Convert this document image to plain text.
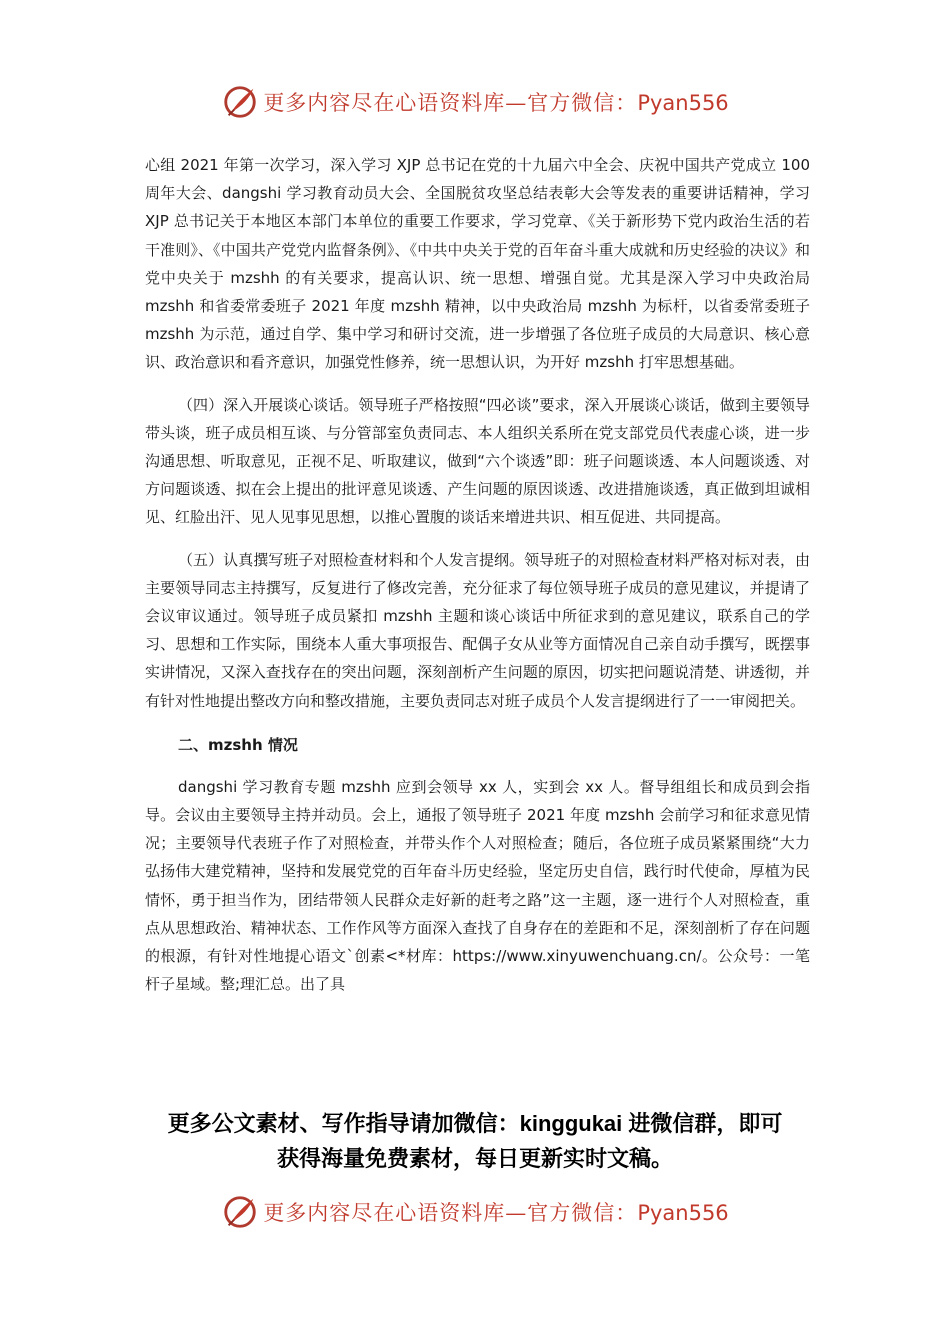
更多内容尽在心语资料库—官方微信：Pyan556

心组 2021 年第一次学习，深入学习 XJP 总书记在党的十九届六中全会、庆祝中国共产党成立 100 周年大会、dangshi 学习教育动员大会、全国脱贫攻坚总结表彰大会等发表的重要讲话精神，学习 XJP 总书记关于本地区本部门本单位的重要工作要求，学习党章、《关于新形势下党内政治生活的若干准则》、《中国共产党党内监督条例》、《中共中央关于党的百年奋斗重大成就和历史经验的决议》和党中央关于 mzshh 的有关要求，提高认识、统一思想、增强自觉。尤其是深入学习中央政治局 mzshh 和省委常委班子 2021 年度 mzshh 精神，以中央政治局 mzshh 为标杆，以省委常委班子 mzshh 为示范，通过自学、集中学习和研讨交流，进一步增强了各位班子成员的大局意识、核心意识、政治意识和看齐意识，加强党性修养，统一思想认识，为开好 mzshh 打牢思想基础。

（四）深入开展谈心谈话。领导班子严格按照“四必谈”要求，深入开展谈心谈话，做到主要领导带头谈，班子成员相互谈、与分管部室负责同志、本人组织关系所在党支部党员代表虚心谈，进一步沟通思想、听取意见，正视不足、听取建议，做到“六个谈透”即：班子问题谈透、本人问题谈透、对方问题谈透、拟在会上提出的批评意见谈透、产生问题的原因谈透、改进措施谈透，真正做到坦诚相见、红脸出汗、见人见事见思想，以推心置腹的谈话来增进共识、相互促进、共同提高。

（五）认真撰写班子对照检查材料和个人发言提纲。领导班子的对照检查材料严格对标对表，由主要领导同志主持撰写，反复进行了修改完善，充分征求了每位领导班子成员的意见建议，并提请了会议审议通过。领导班子成员紧扣 mzshh 主题和谈心谈话中所征求到的意见建议，联系自己的学习、思想和工作实际，围绕本人重大事项报告、配偶子女从业等方面情况自己亲自动手撰写，既摆事实讲情况，又深入查找存在的突出问题，深刻剖析产生问题的原因，切实把问题说清楚、讲透彻，并有针对性地提出整改方向和整改措施，主要负责同志对班子成员个人发言提纲进行了一一审阅把关。

二、mzshh 情况

dangshi 学习教育专题 mzshh 应到会领导 xx 人，实到会 xx 人。督导组组长和成员到会指导。会议由主要领导主持并动员。会上，通报了领导班子 2021 年度 mzshh 会前学习和征求意见情况；主要领导代表班子作了对照检查，并带头作个人对照检查；随后，各位班子成员紧紧围绕“大力弘扬伟大建党精神，坚持和发展党党的百年奋斗历史经验，坚定历史自信，践行时代使命，厚植为民情怀，勇于担当作为，团结带领人民群众走好新的赶考之路”这一主题，逐一进行个人对照检查，重点从思想政治、精神状态、工作作风等方面深入查找了自身存在的差距和不足，深刻剖析了存在问题的根源，有针对性地提心语文`创素<*材库：https://www.xinyuwenchuang.cn/。公众号：一笔杆子星域。整;理汇总。出了具

更多公文素材、写作指导请加微信：kinggukai 进微信群，即可
获得海量免费素材，每日更新实时文稿。
更多内容尽在心语资料库—官方微信：Pyan556
